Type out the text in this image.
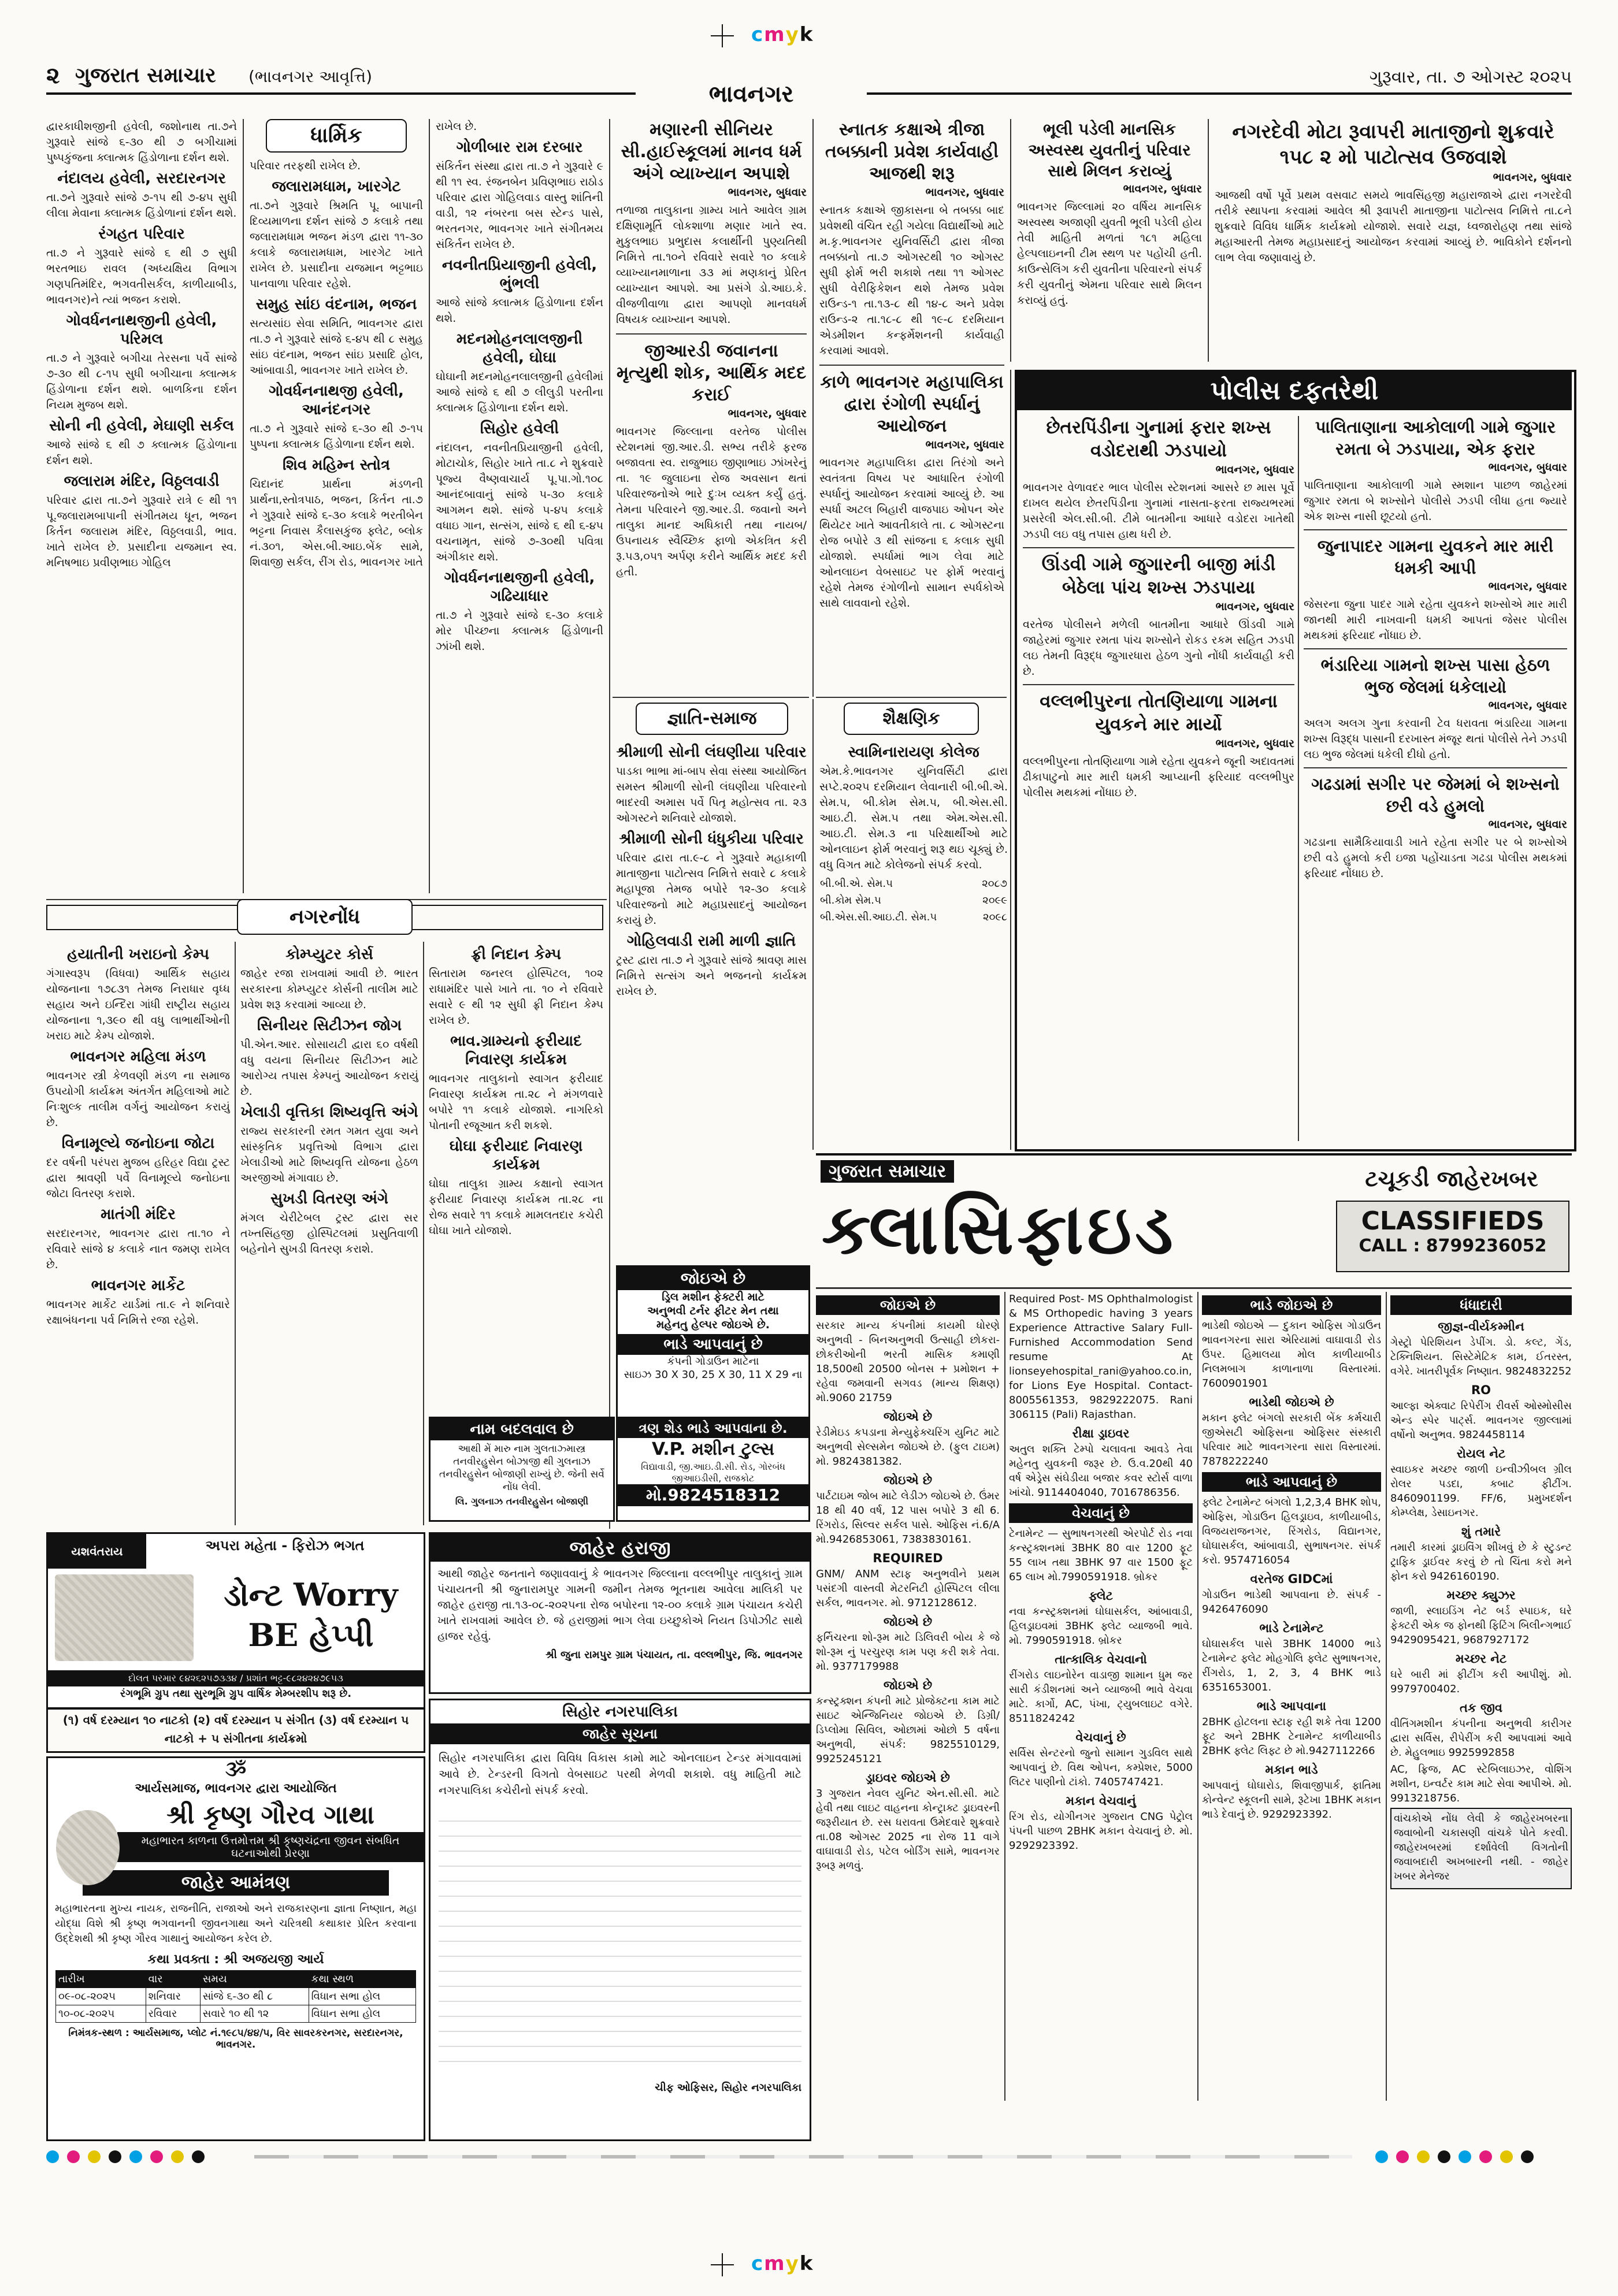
cmyk
૨ ગુજરાત સમાચાર (ભાવનગર આવૃત્તિ)	ગુરૂવાર, તા. ૭ ઓગસ્ટ ૨૦૨૫
ભાવનગર

દ્વારકાધીશજીની હવેલી, જશોનાથ તા.૭ને ગુરૂવારે સાંજે ૬-૩૦ થી ૭ બગીચામાં પુષ્પકુંજના ક્લાત્મક હિંડોળાના દર્શન થશે.

નંદાલય હવેલી, સરદારનગર

તા.૭ને ગુરૂવારે સાંજે ૭-૧૫ થી ૭-૪૫ સુધી લીલા મેવાના ક્લાત્મક હિંડોળાનાં દર્શન થશે.

રંગહત પરિવાર

તા.૭ ને ગુરૂવારે સાંજે ૬ થી ૭ સુધી ભરતભાઇ રાવલ (અધ્યક્ષિય વિભાગ ગણપતિમંદિર, ભગવતીસર્કલ, કાળીયાબીડ, ભાવનગર)ને ત્યાં ભજન કરાશે.

ગોવર્ધનનાથજીની હવેલી, પરિમલ

તા.૭ ને ગુરૂવારે બગીચા તેરસના પર્વે સાંજે ૭-૩૦ થી ૮-૧૫ સુધી બગીચાના ક્લાત્મક હિંડોળાના દર્શન થશે. બાળકિના દર્શન નિયમ મુજબ થશે.

સોની ની હવેલી, મેઘાણી સર્કલ

આજે સાંજે ૬ થી ૭ ક્લાત્મક હિંડોળાના દર્શન થશે.

જલારામ મંદિર, વિઠ્ઠલવાડી

પરિવાર દ્વારા તા.૭ને ગુરૂવારે રાત્રે ૯ થી ૧૧ પૂ.જલારામબાપાની સંગીતમય ધૂન, ભજન કિર્તન જલારામ મંદિર, વિઠ્ઠલવાડી, ભાવ. ખાતે રાખેલ છે. પ્રસાદીના યજમાન સ્વ. મનિષભાઇ પ્રવીણભાઇ ગોહિલ

ધાર્મિક

પરિવાર તરફથી રાખેલ છે.

જલારામધામ, ખારગેટ

તા.૭ને ગુરૂવારે શ્રિમતિ પૂ. બાપાની દિવ્યમાળના દર્શન સાંજે ૭ કલાકે તથા જલારામધામ ભજન મંડળ દ્વારા ૧૧-૩૦ કલાકે જલારામધામ, ખારગેટ ખાતે રાખેલ છે. પ્રસાદીના યજમાન ભટ્ટભાઇ પાનવાળા પરિવાર રહેશે.

સમુહ સાંઇ વંદનામ, ભજન

સત્યસાંઇ સેવા સમિતિ, ભાવનગર દ્વારા તા.૭ ને ગુરૂવારે સાંજે ૬-૪૫ થી ૮ સમુહ સાંઇ વંદનામ, ભજન સાંઇ પ્રસાદિ હોલ, આંબાવાડી, ભાવનગર ખાતે રાખેલ છે.

ગોવર્ધનનાથજી હવેલી, આનંદનગર

તા.૭ ને ગુરૂવારે સાંજે ૬-૩૦ થી ૭-૧૫ પુષ્પના ક્લાત્મક હિંડોળાના દર્શન થશે.

શિવ મહિમ્ન સ્તોત્ર

ચિદાનંદ પ્રાર્થના મંડળની પ્રાર્થના,સ્તોત્રપાઠ, ભજન, કિર્તન તા.૭ ને ગુરૂવારે સાંજે ૬-૩૦ કલાકે ભરતીબેન ભટ્ટના નિવાસ કૈલાસકુંજ ફ્લેટ, બ્લોક નં.૩૦૧, એસ.બી.આઇ.બેંક સામે, શિવાજી સર્કલ, રીંગ રોડ, ભાવનગર ખાતે

રાખેલ છે.

ગોળીબાર રામ દરબાર

સંકિર્તન સંસ્થા દ્વારા તા.૭ ને ગુરૂવારે ૯ થી ૧૧ સ્વ. રંજનબેન પ્રવિણભાઇ રાઠોડ પરિવાર દ્વારા ગોહિલવાડ વાસ્તુ શાંતિની વાડી, ૧૨ નંબરના બસ સ્ટેન્ડ પાસે, ભરતનગર, ભાવનગર ખાતે સંગીતમય સંકિર્તન રાખેલ છે.

નવનીતપ્રિયાજીની હવેલી, ભુંભલી

આજે સાંજે ક્લાત્મક હિંડોળાના દર્શન થશે.

મદનમોહનલાલજીની હવેલી, ઘોઘા

ઘોઘાની મદનમોહનલાલજીની હવેલીમાં આજે સાંજે ૬ થી ૭ લીલુડી પરતીના ક્લાત્મક હિંડોળાના દર્શન થશે.

સિહોર હવેલી

નંદાલન, નવનીતપ્રિયાજીની હવેલી, મોટાચોક, સિહોર ખાતે તા.૮ ને શુક્રવારે પૂજ્ય વૈષ્ણવાચાર્ય પૂ.પા.ગો.૧૦૮ આનંદબાવાનું સાંજે ૫-૩૦ કલાકે આગમન થશે. સાંજે ૫-૪૫ કલાકે વધાઇ ગાન, સત્સંગ, સાંજે ૬ થી ૬-૪૫ વચનામૃત, સાંજે ૭-૩૦થી પવિત્રા અંગીકાર થશે.

ગોવર્ધનનાથજીની હવેલી, ગઢિયાધાર

તા.૭ ને ગુરૂવારે સાંજે ૬-૩૦ કલાકે મોર પીચ્છના ક્લાત્મક હિંડોળાની ઝાંખી થશે.

મણારની સીનિયર સી.હાઈસ્કૂલમાં માનવ ધર્મ અંગે વ્યાખ્યાન અપાશે

ભાવનગર, બુધવાર

તળાજા તાલુકાના ગ્રામ્ય ખાતે આવેલ ગ્રામ દક્ષિણામૂર્તિ લોકશાળા મણાર ખાતે સ્વ. મુકુલભાઇ પ્રભુદાસ કલાર્થીની પુણ્યતિથી નિમિત્તે તા.૧૦ને રવિવારે સવારે ૧૦ કલાકે વ્યાખ્યાનમાળાના ૩૩ માં મણકાનું પ્રેરિત વ્યાખ્યાન આપશે. આ પ્રસંગે ડો.આઇ.કે. વીજળીવાળા દ્વારા આપણો માનવધર્મ વિષયક વ્યાખ્યાન આપશે.

જીઆરડી જવાનના મૃત્યુથી શોક, આર્થિક મદદ કરાઈ

ભાવનગર, બુધવાર

ભાવનગર જિલ્લાના વરતેજ પોલીસ સ્ટેશનમાં જી.આર.ડી. સભ્ય તરીકે ફરજ બજાવતા સ્વ. રાજુભાઇ જીણાભાઇ ઝાંખરેનું તા. ૧૯ જુલાઇના રોજ અવસાન થતાં પરિવારજનોએ ભારે દુઃખ વ્યક્ત કર્યું હતું. તેમના પરિવારને જી.આર.ડી. જવાનો અને તાલુકા માનદ અધિકારી તથા નાયબ/ઉપનાયક સ્વૈચ્છિક ફાળો એકત્રિત કરી રૂ.૫૩,૦૫૧ અર્પણ કરીને આર્થિક મદદ કરી હતી.

સ્નાતક કક્ષાએ ત્રીજા તબક્કાની પ્રવેશ કાર્યવાહી આજથી શરૂ

ભાવનગર, બુધવાર

સ્નાતક કક્ષાએ જીકાસના બે તબક્કા બાદ પ્રવેશથી વંચિત રહી ગયેલા વિદ્યાર્થીઓ માટે મ.કૃ.ભાવનગર યુનિવર્સિટી દ્વારા ત્રીજા તબક્કાનો તા.૭ ઓગસ્ટથી ૧૦ ઓગસ્ટ સુધી ફોર્મ ભરી શકાશે તથા ૧૧ ઓગસ્ટ સુધી વેરીફિકેશન થશે તેમજ પ્રવેશ રાઉન્ડ-૧ તા.૧૩-૮ થી ૧૪-૮ અને પ્રવેશ રાઉન્ડ-૨ તા.૧૮-૮ થી ૧૯-૮ દરમિયાન એડમીશન કન્ફર્મેશનની કાર્યવાહી કરવામાં આવશે.

કાળે ભાવનગર મહાપાલિકા દ્વારા રંગોળી સ્પર્ધાનું આયોજન

ભાવનગર, બુધવાર

ભાવનગર મહાપાલિકા દ્વારા તિરંગો અને સ્વતંત્રતા વિષય પર આધારિત રંગોળી સ્પર્ધાનું આયોજન કરવામાં આવ્યું છે. આ સ્પર્ધા અટલ બિહારી વાજપાઇ ઓપન એર થિયેટર ખાતે આવતીકાલે તા. ૮ ઓગસ્ટના રોજ બપોરે ૩ થી સાંજના ૬ કલાક સુધી યોજાશે. સ્પર્ધામાં ભાગ લેવા માટે ઓનલાઇન વેબસાઇટ પર ફોર્મ ભરવાનું રહેશે તેમજ રંગોળીનો સામાન સ્પર્ધકોએ સાથે લાવવાનો રહેશે.

ભૂલી પડેલી માનસિક અસ્વસ્થ યુવતીનું પરિવાર સાથે મિલન કરાવ્યું

ભાવનગર, બુધવાર

ભાવનગર જિલ્લામાં ૨૦ વર્ષિય માનસિક અસ્વસ્થ અજાણી યુવતી ભૂલી પડેલી હોય તેવી માહિતી મળતાં ૧૮૧ મહિલા હેલ્પલાઇનની ટીમ સ્થળ પર પહોંચી હતી. કાઉન્સેલિંગ કરી યુવતીના પરિવારનો સંપર્ક કરી યુવતીનું એમના પરિવાર સાથે મિલન કરાવ્યું હતું.

નગરદેવી મોટા રૂવાપરી માતાજીનો શુક્રવારે ૧૫૮ ૨ મો પાટોત્સવ ઉજવાશે

ભાવનગર, બુધવાર

આજથી વર્ષો પૂર્વે પ્રથમ વસવાટ સમયે ભાવસિંહજી મહારાજાએ દ્વારા નગરદેવી તરીકે સ્થાપના કરવામાં આવેલ શ્રી રૂવાપરી માતાજીના પાટોત્સવ નિમિત્તે તા.૮ને શુક્રવારે વિવિધ ધાર્મિક કાર્યક્રમો યોજાશે. સવારે યજ્ઞ, ધ્વજારોહણ તથા સાંજે મહાઆરતી તેમજ મહાપ્રસાદનું આયોજન કરવામાં આવ્યું છે. ભાવિકોને દર્શનનો લાભ લેવા જણાવાયું છે.

પોલીસ દફતરેથી
છેતરપિંડીના ગુનામાં ફરાર શખ્સ વડોદરાથી ઝડપાયો

ભાવનગર, બુધવાર

ભાવનગર વેળાવદર ભાલ પોલીસ સ્ટેશનમાં આસરે છ માસ પૂર્વે દાખલ થયેલ છેતરપિંડીના ગુનામાં નાસતા-ફરતા રાજ્યભરમાં પ્રસરેલી એલ.સી.બી. ટીમે બાતમીના આધારે વડોદરા ખાતેથી ઝડપી લઇ વધુ તપાસ હાથ ધરી છે.

ઊંડવી ગામે જુગારની બાજી માંડી બેઠેલા પાંચ શખ્સ ઝડપાયા

ભાવનગર, બુધવાર

વરતેજ પોલીસને મળેલી બાતમીના આધારે ઊંડવી ગામે જાહેરમાં જુગાર રમતા પાંચ શખ્સોને રોકડ રકમ સહિત ઝડપી લઇ તેમની વિરૂદ્ધ જુગારધારા હેઠળ ગુનો નોંધી કાર્યવાહી કરી છે.

વલ્લભીપુરના તોતણિયાળા ગામના યુવકને માર માર્યો

ભાવનગર, બુધવાર

વલ્લભીપુરના તોતણિયાળા ગામે રહેતા યુવકને જૂની અદાવતમાં ઢીકાપાટુનો માર મારી ધમકી આપ્યાની ફરિયાદ વલ્લભીપુર પોલીસ મથકમાં નોંધાઇ છે.

પાલિતાણાના આકોલાળી ગામે જુગાર રમતા બે ઝડપાયા, એક ફરાર

ભાવનગર, બુધવાર

પાલિતાણાના આકોલાળી ગામે સ્મશાન પાછળ જાહેરમાં જુગાર રમતા બે શખ્સોને પોલીસે ઝડપી લીધા હતા જ્યારે એક શખ્સ નાસી છૂટયો હતો.

જુનાપાદર ગામના યુવકને માર મારી ધમકી આપી

ભાવનગર, બુધવાર

જેસરના જુના પાદર ગામે રહેતા યુવકને શખ્સોએ માર મારી જાનથી મારી નાખવાની ધમકી આપતાં જેસર પોલીસ મથકમાં ફરિયાદ નોંધાઇ છે.

ભંડારિયા ગામનો શખ્સ પાસા હેઠળ ભુજ જેલમાં ધકેલાયો

ભાવનગર, બુધવાર

અલગ અલગ ગુના કરવાની ટેવ ધરાવતા ભંડારિયા ગામના શખ્સ વિરૂદ્ધ પાસાની દરખાસ્ત મંજૂર થતાં પોલીસે તેને ઝડપી લઇ ભુજ જેલમાં ધકેલી દીધો હતો.

ગઢડામાં સગીર પર જેમમાં બે શખ્સનો છરી વડે હુમલો

ભાવનગર, બુધવાર

ગઢડાના સામૈકિયાવાડી ખાતે રહેતા સગીર પર બે શખ્સોએ છરી વડે હુમલો કરી ઇજા પહોંચાડતા ગઢડા પોલીસ મથકમાં ફરિયાદ નોંધાઇ છે.

જ્ઞાતિ-સમાજ
શ્રીમાળી સોની લંઘણીયા પરિવાર

પાડકા ભાભા માં-બાપ સેવા સંસ્થા આયોજિત સમસ્ત શ્રીમાળી સોની લંઘણીયા પરિવારનો ભાદરવી અમાસ પર્વે પિતૃ મહોત્સવ તા. ૨૩ ઓગસ્ટને શનિવારે યોજાશે.

શ્રીમાળી સોની ધંધુકીયા પરિવાર

પરિવાર દ્વારા તા.૯-૮ ને ગુરૂવારે મહાકાળી માતાજીના પાટોત્સવ નિમિત્તે સવારે ૮ કલાકે મહાપૂજા તેમજ બપોરે ૧૨-૩૦ કલાકે પરિવારજનો માટે મહાપ્રસાદનું આયોજન કરાયું છે.

ગોહિલવાડી રામી માળી જ્ઞાતિ

ટ્રસ્ટ દ્વારા તા.૭ ને ગુરૂવારે સાંજે શ્રાવણ માસ નિમિત્તે સત્સંગ અને ભજનનો કાર્યક્રમ રાખેલ છે.

શૈક્ષણિક
સ્વામિનારાયણ કોલેજ

એમ.કે.ભાવનગર યુનિવર્સિટી દ્વારા સપ્ટે.૨૦૨૫ દરમિયાન લેવાનારી બી.બી.એ. સેમ.૫, બી.કોમ સેમ.૫, બી.એસ.સી. આઇ.ટી. સેમ.૫ તથા એમ.એસ.સી. આઇ.ટી. સેમ.૩ ના પરિક્ષાર્થીઓ માટે ઓનલાઇન ફોર્મ ભરવાનું શરૂ થઇ ચૂક્યું છે. વધુ વિગત માટે કોલેજનો સંપર્ક કરવો.

બી.બી.એ. સેમ.૫	૨૦૮૭
બી.કોમ સેમ.૫	૨૦૯૯
બી.એસ.સી.આઇ.ટી. સેમ.૫	૨૦૯૮
નગરનોંધ
હયાતીની ખરાઇનો કેમ્પ

ગંગાસ્વરૂપ (વિધવા) આર્થિક સહાય યોજનાના ૧૭૮૩૧ તેમજ નિરાધાર વૃધ્ધ સહાય અને ઇન્દિરા ગાંધી રાષ્ટ્રીય સહાય યોજનાના ૧,૩૯૦ થી વધુ લાભાર્થીઓની ખરાઇ માટે કેમ્પ યોજાશે.

ભાવનગર મહિલા મંડળ

ભાવનગર સ્ત્રી કેળવણી મંડળ ના સમાજ ઉપયોગી કાર્યક્રમ અંતર્ગત મહિલાઓ માટે નિઃશુલ્ક તાલીમ વર્ગનું આયોજન કરાયું છે.

વિનામૂલ્યે જનોઇના જોટા

દર વર્ષની પરંપરા મુજબ હરિહર વિદ્યા ટ્રસ્ટ દ્વારા શ્રાવણી પર્વે વિનામૂલ્યે જનોઇના જોટા વિતરણ કરાશે.

માતંગી મંદિર

સરદારનગર, ભાવનગર દ્વારા તા.૧૦ ને રવિવારે સાંજે ૪ કલાકે નાત જમણ રાખેલ છે.

ભાવનગર માર્કેટ

ભાવનગર માર્કેટ યાર્ડમાં તા.૯ ને શનિવારે રક્ષાબંધનના પર્વ નિમિત્તે રજા રહેશે.

કોમ્પ્યુટર કોર્સ

જાહેર રજા રાખવામાં આવી છે. ભારત સરકારના કોમ્પ્યુટર કોર્સની તાલીમ માટે પ્રવેશ શરૂ કરવામાં આવ્યા છે.

સિનીયર સિટીઝન જોગ

પી.એન.આર. સોસાયટી દ્વારા ૬૦ વર્ષથી વધુ વયના સિનીયર સિટીઝન માટે આરોગ્ય તપાસ કેમ્પનું આયોજન કરાયું છે.

ખેલાડી વૃત્તિકા શિષ્યવૃત્તિ અંગે

રાજ્ય સરકારની રમત ગમત યુવા અને સાંસ્કૃતિક પ્રવૃત્તિઓ વિભાગ દ્વારા ખેલાડીઓ માટે શિષ્યવૃત્તિ યોજના હેઠળ અરજીઓ મંગાવાઇ છે.

સુખડી વિતરણ અંગે

મંગલ ચેરીટેબલ ટ્રસ્ટ દ્વારા સર તખ્તસિંહજી હોસ્પિટલમાં પ્રસુતિવાળી બહેનોને સુખડી વિતરણ કરાશે.

ફ્રી નિદાન કેમ્પ

સિતારામ જનરલ હોસ્પિટલ, ૧૦૨ રાધામંદિર પાસે ખાતે તા. ૧૦ ને રવિવારે સવારે ૯ થી ૧૨ સુધી ફ્રી નિદાન કેમ્પ રાખેલ છે.

ભાવ.ગ્રામ્યનો ફરીયાદ નિવારણ કાર્યક્રમ

ભાવનગર તાલુકાનો સ્વાગત ફરીયાદ નિવારણ કાર્યક્રમ તા.૨૮ ને મંગળવારે બપોરે ૧૧ કલાકે યોજાશે. નાગરિકો પોતાની રજૂઆત કરી શકશે.

ઘોઘા ફરીયાદ નિવારણ કાર્યક્રમ

ઘોઘા તાલુકા ગ્રામ્ય કક્ષાનો સ્વાગત ફરીયાદ નિવારણ કાર્યક્રમ તા.૨૮ ના રોજ સવારે ૧૧ કલાકે મામલતદાર કચેરી ઘોઘા ખાતે યોજાશે.

ગુજરાત સમાચાર
ક્લાસિફાઇડ
ટચૂકડી જાહેરખબર
CLASSIFIEDS
CALL : 8799236052
જોઇએ છે

સરકાર માન્ય કંપનીમાં કાયમી ધોરણે અનુભવી - બિનઅનુભવી ઉત્સાહી છોકરા-છોકરીઓની ભરતી માસિક કમાણી 18,500થી 20500 બોનસ + પ્રમોશન + રહેવા જમવાની સગવડ (માન્ય શિક્ષણ) મો.9060 21759

જોઇએ છે

રેડીમેઇડ કપડાના મેન્યુફેક્ચરિંગ યુનિટ માટે અનુભવી સેલ્સમેન જોઇએ છે. (ફુલ ટાઇમ) મો. 9824381382.

જોઇએ છે

પાર્ટટાઇમ જોબ માટે લેડીઝ જોઇએ છે. ઉંમર 18 થી 40 વર્ષ, 12 પાસ બપોરે 3 થી 6. રિંગરોડ, સિલ્વર સર્કલ પાસે. ઓફિસ નં.6/A મો.9426853061, 7383830161.

REQUIRED

GNM/ ANM સ્ટાફ અનુભવીને પ્રથમ પસંદગી વાસ્તવી મેટરનિટી હોસ્પિટલ લીલા સર્કલ, ભાવનગર. મો. 9712128612.

જોઇએ છે

ફર્નિચરના શો-રૂમ માટે ડિલિવરી બોય કે જે શો-રૂમ નું પરચુરણ કામ પણ કરી શકે તેવા. મો. 9377179988

જોઇએ છે

કન્સ્ટ્રક્શન કંપની માટે પ્રોજેક્ટના કામ માટે સાઇટ એન્જિનિયર જોઇએ છે. ડિગ્રી/ ડિપ્લોમા સિવિલ, ઓછામાં ઓછો 5 વર્ષના અનુભવી, સંપર્ક: 9825510129, 9925245121

ડ્રાઇવર જોઇએ છે

3 ગુજરાત નેવલ યુનિટ એન.સી.સી. માટે હેવી તથા લાઇટ વાહનના કોન્ટ્રાક્ટ ડ્રાઇવરની જરૂરીયાત છે. રસ ધરાવતા ઉમેદવારે શુક્રવારે તા.08 ઓગસ્ટ 2025 ના રોજ 11 વાગે વાઘાવાડી રોડ, પટેલ બોર્ડિંગ સામે, ભાવનગર રૂબરૂ મળવું.

Required Post- MS Ophthalmologist & MS Orthopedic having 3 years Experience Attractive Salary Full- Furnished Accommodation Send resume At lionseyehospital_rani@yahoo.co.in, for Lions Eye Hospital. Contact- 8005561353, 9829222075. Rani 306115 (Pali) Rajasthan.

રીક્ષા ડ્રાઇવર

અતુલ શક્તિ ટેમ્પો ચલાવતા આવડે તેવા મહેનતુ યુવકની જરૂર છે. ઉ.વ.20થી 40 વર્ષ એડ્રેસ સંઘેડીયા બજાર કવર સ્ટોર્સ વાળા ખાંચો. 9114404040, 7016786356.

વેચવાનું છે

ટેનામેન્ટ — સુભાષનગરથી એરપોર્ટ રોડ નવા કન્સ્ટ્રક્શનમાં 3BHK 80 વાર 1200 ફૂટ 55 લાખ તથા 3BHK 97 વાર 1500 ફૂટ 65 લાખ મો.7990591918. બ્રોકર

ફ્લેટ

નવા કન્સ્ટ્રક્શનમાં ઘોઘાસર્કલ, આંબાવાડી, હિલડ્રાઇવમાં 3BHK ફ્લેટ વ્યાજબી ભાવે. મો. 7990591918. બ્રોકર

તાત્કાલિક વેચવાનો

રીંગરોડ લાઇનોરેન વાડાજી શામાન ધુમ જર સારી કંડીશનમાં અને વ્યાજબી ભાવે વેચવા માટે. કાર્ગો, AC, પંખા, ટ્યુબલાઇટ વગેરે. 8511824242

વેચવાનું છે

સર્વિસ સેન્ટરનો જુનો સામાન ગુડવિલ સાથે આપવાનું છે. વિથ ઓપન, કમ્પ્રેશર, 5000 લિટર પાણીનો ટાંકો. 7405747421.

મકાન વેચવાનું

રિંગ રોડ, યોગીનગર ગુજરાત CNG પેટ્રોલ પંપની પાછળ 2BHK મકાન વેચવાનું છે. મો. 9292923392.

ભાડે જોઇએ છે

ભાડેથી જોઇએ — દુકાન ઓફિસ ગોડાઉન ભાવનગરના સારા એરિયામાં વાઘાવાડી રોડ ઉપર. હિમાલયા મોલ કાળીયાબીડ નિલમબાગ કાળાનાળા વિસ્તારમાં. 7600901901

ભાડેથી જોઇએ છે

મકાન ફ્લેટ બંગલો સરકારી બેંક કર્મચારી જીએસટી ઓફિસના ઓફિસર સંસ્કારી પરિવાર માટે ભાવનગરના સારા વિસ્તારમાં. 7878222240

ભાડે આપવાનું છે

ફ્લેટ ટેનામેન્ટ બંગલો 1,2,3,4 BHK શોપ, ઓફિસ, ગોડાઉન હિલડ્રાઇવ, કાળીયાબીડ, વિજયરાજનગર, રિંગરોડ, વિદ્યાનગર, ઘોઘાસર્કલ, આંબાવાડી, સુભાષનગર. સંપર્ક કરો. 9574716054

વરતેજ GIDCમાં

ગોડાઉન ભાડેથી આપવાના છે. સંપર્ક - 9426476090

ભાડે ટેનામેન્ટ

ઘોઘાસર્કલ પાસે 3BHK 14000 ભાડે ટેનામેન્ટ ફ્લેટ મોહગોલિ ફ્લેટ સુભાષનગર, રીંગરોડ, 1, 2, 3, 4 BHK ભાડે 6351653001.

ભાડે આપવાના

2BHK હોટલના સ્ટાફ રહી શકે તેવા 1200 ફૂટ અને 2BHK ટેનામેન્ટ કાળીયાબીડ 2BHK ફ્લેટ લિફ્ટ છે મો.9427112266

મકાન ભાડે

આપવાનું ઘોઘારોડ, શિવાજીપાર્ક, ફાતિમા કોન્વેન્ટ સ્કૂલની સામે, રૂટેખા 1BHK મકાન ભાડે દેવાનું છે. 9292923392.

ધંધાદારી
જીજ્ઞ-વીર્યકમ્મીન

ગેસ્ટ્રો પેરિશિયન ડેપીંગ. ડો. કલ્ટ, ગેંડ, ટેક્નિશિયન. સિસ્ટેમેટિક કામ, ઈતરસ્ત, વગેરે. ખાતરીપૂર્વક નિષ્ણાત. 9824832252

RO

આલ્ફા એક્વાટ રિપેરીંગ રીવર્સ ઓસ્મોસીસ એન્ડ સ્પેર પાર્ટ્સ. ભાવનગર જીલ્લામાં વર્ષોનો અનુભવ. 9824458114

રોયલ નેટ

સ્વાઇકર મચ્છર જાળી ઇન્વીઝીબલ ગ્રીલ રોલર પડદા, કબાટ ફીટીંગ. 8460901199. FF/6, પ્રમુખદર્શન કોમ્પ્લેક્ષ, ડેસાઇનગર.

શું તમારે

તમારી કારમાં ડ્રાઇવિંગ શીખવું છે કે સ્ટુડન્ટ ટ્રાફિક ડ્રાઈવર કરવું છે તો ચિંતા કરો મને ફોન કરો 9426160190.

મચ્છર ક્યુઝર

જાળી, સ્લાઇડિંગ નેટ બર્ડ સ્પાઇક, ઘરે ફેક્ટરી એક જ ફોનથી ફિટિંગ બિલીન્ગભાઈ 9429095421, 9687927172

મચ્છર નેટ

ઘરે બારી માં ફીટીંગ કરી આપીશું. મો. 9979700402.

તક જીવ

વીતિંગમશીન કંપનીના અનુભવી કારીગર દ્વારા સર્વિસ, રીપેરીંગ કરી આપવામાં આવે છે. મેહુલભાઇ 9925992858

AC, ફ્રિજ, AC સ્ટેબિલાઇઝર, વોશિંગ મશીન, ઇન્વર્ટર કામ માટે સેવા આપીએ. મો. 9913218756.

વાંચકોએ નોંધ લેવી કે જાહેરખબરના જવાબોની ચકાસણી વાંચકે પોતે કરવી. જાહેરખબરમાં દર્શાવેલી વિગતોની જવાબદારી અખબારની નથી. - જાહેર ખબર મેનેજર

જોઇએ છે
ડ્રિલ મશીન ફેક્ટરી માટે
અનુભવી ટર્નર ફીટર મેન તથા
મહેનતુ હેલ્પર જોઇએ છે.
ભાડે આપવાનું છે
કંપની ગોડાઉન માટેના
સાઇઝ 30 X 30, 25 X 30, 11 X 29 ના
ત્રણ શેડ ભાડે આપવાના છે.
V.P. મશીન ટુલ્સ
વિદ્યાવાડી, જી.આઇ.ડી.સી. રોડ, ગોરબંધ જીઆઇડીસી, રાજકોટ
મો.9824518312
નામ બદલવાલ છે
આથી મેં મારુ નામ ગુલતાઝ્માસ્ત્ર તનવીરહુસેન બોઝાજી થી ગુલનાઝ તનવીરહુસેન બોજાણી રાખ્યું છે. જેની સર્વે નોંધ લેવી.
લિ. ગુલનાઝ તનવીરહુસેન બોજાણી
યશવંતરાય	અપરા મહેતા - ફિરોઝ ભગત
ડોન્ટ Worry BE હેપ્પી
દોલત પરમાર ૯૪૨૬૨૫૭૩૩૪ / પ્રશાંત ભટ્ટ-૯૮૨૪૨૪૭૯૫૩
રંગભૂમિ ગ્રુપ તથા સુરભૂમિ ગ્રુપ વાર્ષિક મેમ્બરશીપ શરૂ છે.
(૧) વર્ષ દરમ્યાન ૧૦ નાટકો (૨) વર્ષ દરમ્યાન ૫ સંગીત (૩) વર્ષ દરમ્યાન ૫ નાટકો + ૫ સંગીતના કાર્યક્રમો
જાહેર હરાજી
આથી જાહેર જનતાને જણાવવાનું કે ભાવનગર જિલ્લાના વલ્લભીપુર તાલુકાનું ગ્રામ પંચાયતની શ્રી જુનારામપુર ગામની જમીન તેમજ ભૂતનાથ આવેલા માલિકી પર જાહેર હરાજી તા.૧૩-૦૮-૨૦૨૫ના રોજ બપોરના ૧૨-૦૦ કલાકે ગ્રામ પંચાયત કચેરી ખાતે રાખવામાં આવેલ છે. જે હરાજીમાં ભાગ લેવા ઇચ્છુકોએ નિયત ડિપોઝીટ સાથે હાજર રહેવું.
શ્રી જુના રામપુર ગ્રામ પંચાયત, તા. વલ્લભીપુર, જિ. ભાવનગર
સિહોર નગરપાલિકા
જાહેર સૂચના
સિહોર નગરપાલિકા દ્વારા વિવિધ વિકાસ કામો માટે ઓનલાઇન ટેન્ડર મંગાવવામાં આવે છે. ટેન્ડરની વિગતો વેબસાઇટ પરથી મેળવી શકાશે. વધુ માહિતી માટે નગરપાલિકા કચેરીનો સંપર્ક કરવો.
ચીફ ઓફિસર, સિહોર નગરપાલિકા
ૐ
આર્યસમાજ, ભાવનગર દ્વારા આયોજિત
શ્રી કૃષ્ણ ગૌરવ ગાથા
મહાભારત કાળના ઉત્તમોત્તમ શ્રી કૃષ્ણચંદ્રના જીવન સંબધિત ઘટનાઓથી પ્રેરણા
જાહેર આમંત્રણ
મહાભારતના મુખ્ય નાયક, રાજનીતિ, રાજાઓ અને રાજકારણના જ્ઞાતા નિષ્ણાત, મહા યોદ્ધા વિશે શ્રી કૃષ્ણ ભગવાનની જીવનગાથા અને ચરિત્રથી કથાકાર પ્રેરિત કરવાના ઉદ્દેશથી શ્રી કૃષ્ણ ગૌરવ ગાથાનું આયોજન કરેલ છે.
કથા પ્રવક્તા : શ્રી અજયજી આર્ય
તારીખ	વાર	સમય	કથા સ્થળ
૦૯-૦૮-૨૦૨૫	શનિવાર	સાંજે ૬-૩૦ થી ૮	વિધાન સભા હોલ
૧૦-૦૮-૨૦૨૫	રવિવાર	સવારે ૧૦ થી ૧૨	વિધાન સભા હોલ
નિમંત્રક-સ્થળ : આર્યસમાજ, પ્લોટ નં.૧૯૮૫/૪૪/૫, વિર સાવરકરનગર, સરદારનગર, ભાવનગર.
cmyk
